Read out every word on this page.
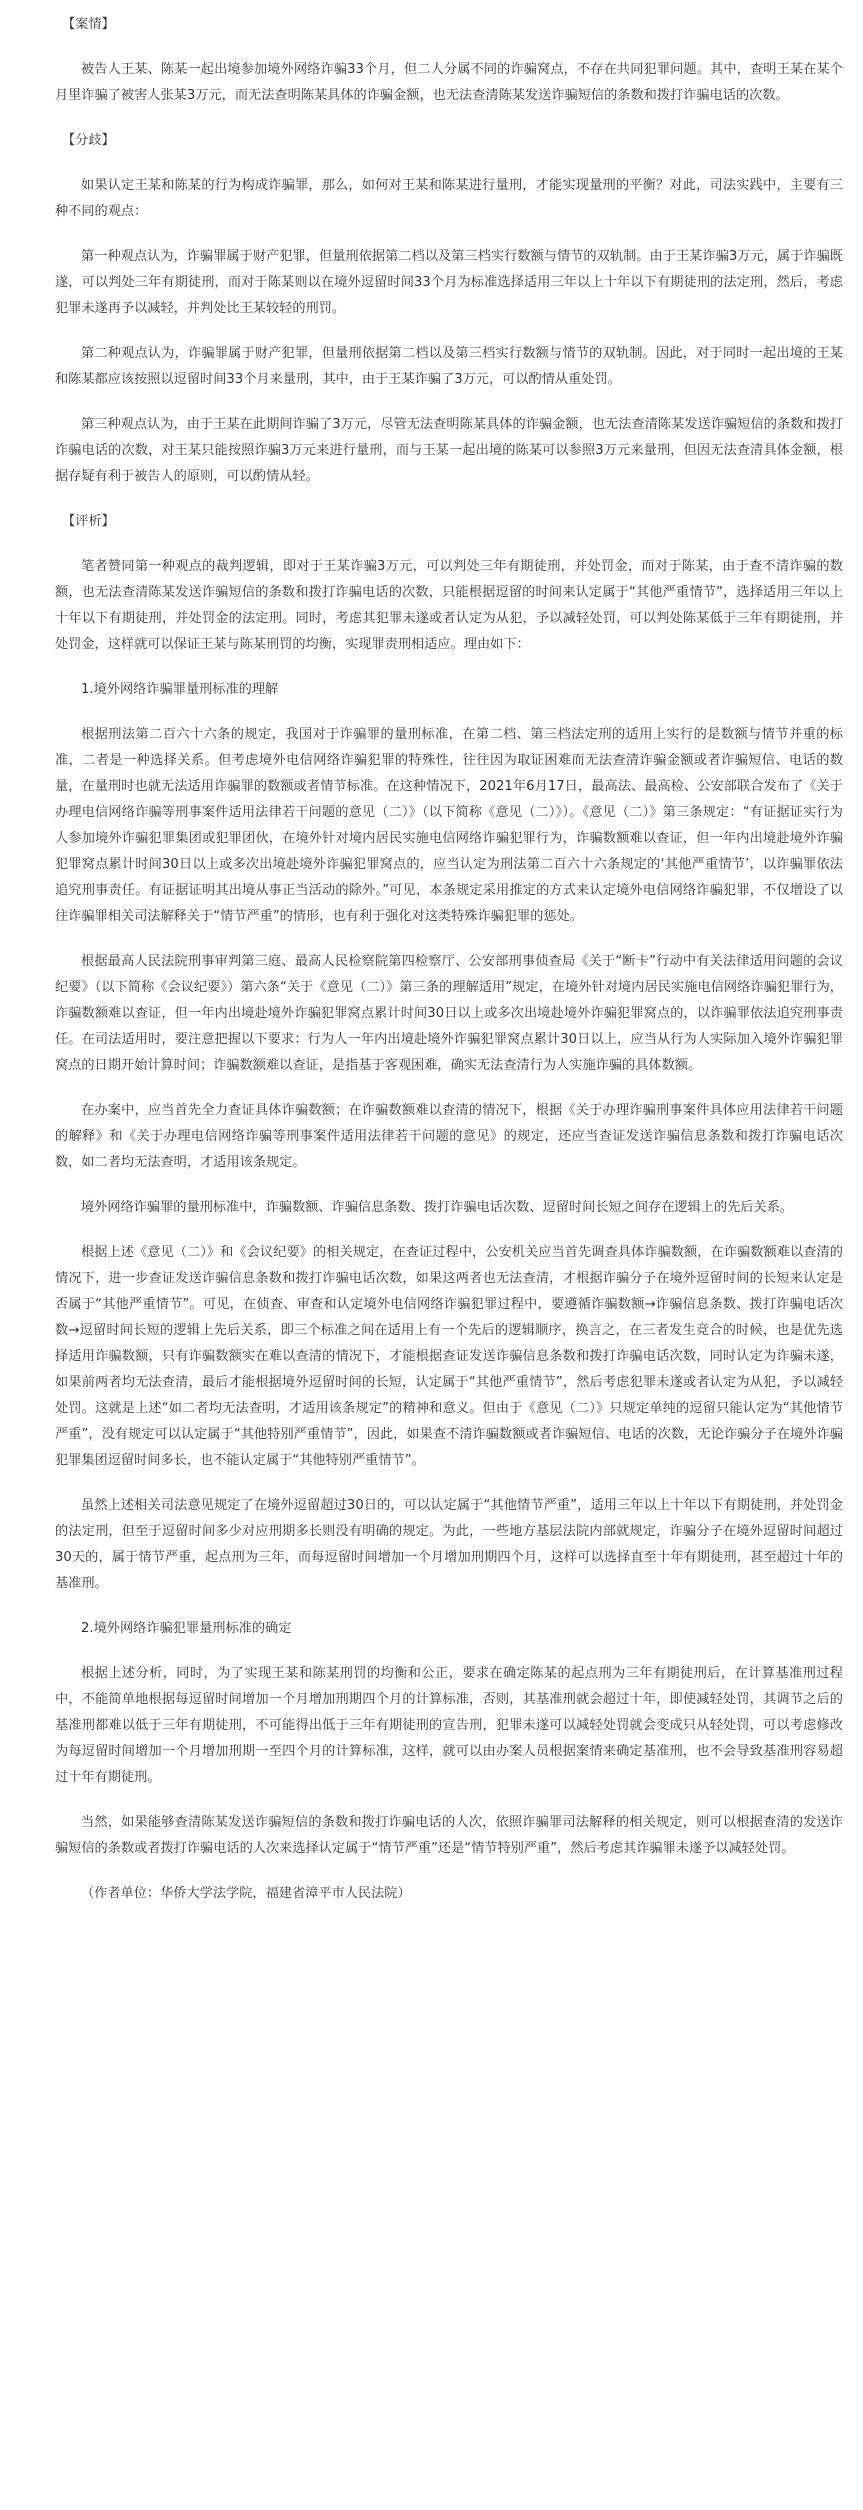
【案情】

被告人王某、陈某一起出境参加境外网络诈骗33个月，但二人分属不同的诈骗窝点，不存在共同犯罪问题。其中，查明王某在某个月里诈骗了被害人张某3万元，而无法查明陈某具体的诈骗金额，也无法查清陈某发送诈骗短信的条数和拨打诈骗电话的次数。

【分歧】

如果认定王某和陈某的行为构成诈骗罪，那么，如何对王某和陈某进行量刑，才能实现量刑的平衡？对此，司法实践中，主要有三种不同的观点：

第一种观点认为，诈骗罪属于财产犯罪，但量刑依据第二档以及第三档实行数额与情节的双轨制。由于王某诈骗3万元，属于诈骗既遂，可以判处三年有期徒刑，而对于陈某则以在境外逗留时间33个月为标准选择适用三年以上十年以下有期徒刑的法定刑，然后，考虑犯罪未遂再予以减轻，并判处比王某较轻的刑罚。

第二种观点认为，诈骗罪属于财产犯罪，但量刑依据第二档以及第三档实行数额与情节的双轨制。因此，对于同时一起出境的王某和陈某都应该按照以逗留时间33个月来量刑，其中，由于王某诈骗了3万元，可以酌情从重处罚。

第三种观点认为，由于王某在此期间诈骗了3万元，尽管无法查明陈某具体的诈骗金额，也无法查清陈某发送诈骗短信的条数和拨打诈骗电话的次数，对王某只能按照诈骗3万元来进行量刑，而与王某一起出境的陈某可以参照3万元来量刑，但因无法查清具体金额，根据存疑有利于被告人的原则，可以酌情从轻。

【评析】

笔者赞同第一种观点的裁判逻辑，即对于王某诈骗3万元，可以判处三年有期徒刑，并处罚金，而对于陈某，由于查不清诈骗的数额，也无法查清陈某发送诈骗短信的条数和拨打诈骗电话的次数，只能根据逗留的时间来认定属于“其他严重情节”，选择适用三年以上十年以下有期徒刑，并处罚金的法定刑。同时，考虑其犯罪未遂或者认定为从犯，予以减轻处罚，可以判处陈某低于三年有期徒刑，并处罚金，这样就可以保证王某与陈某刑罚的均衡，实现罪责刑相适应。理由如下：

1.境外网络诈骗罪量刑标准的理解

根据刑法第二百六十六条的规定，我国对于诈骗罪的量刑标准，在第二档、第三档法定刑的适用上实行的是数额与情节并重的标准，二者是一种选择关系。但考虑境外电信网络诈骗犯罪的特殊性，往往因为取证困难而无法查清诈骗金额或者诈骗短信、电话的数量，在量刑时也就无法适用诈骗罪的数额或者情节标准。在这种情况下，2021年6月17日，最高法、最高检、公安部联合发布了《关于办理电信网络诈骗等刑事案件适用法律若干问题的意见（二）》（以下简称《意见（二）》）。《意见（二）》第三条规定：“有证据证实行为人参加境外诈骗犯罪集团或犯罪团伙，在境外针对境内居民实施电信网络诈骗犯罪行为，诈骗数额难以查证，但一年内出境赴境外诈骗犯罪窝点累计时间30日以上或多次出境赴境外诈骗犯罪窝点的，应当认定为刑法第二百六十六条规定的‘其他严重情节’，以诈骗罪依法追究刑事责任。有证据证明其出境从事正当活动的除外。”可见，本条规定采用推定的方式来认定境外电信网络诈骗犯罪，不仅增设了以往诈骗罪相关司法解释关于“情节严重”的情形，也有利于强化对这类特殊诈骗犯罪的惩处。

根据最高人民法院刑事审判第三庭、最高人民检察院第四检察厅、公安部刑事侦查局《关于“断卡”行动中有关法律适用问题的会议纪要》（以下简称《会议纪要》）第六条“关于《意见（二）》第三条的理解适用”规定，在境外针对境内居民实施电信网络诈骗犯罪行为，诈骗数额难以查证，但一年内出境赴境外诈骗犯罪窝点累计时间30日以上或多次出境赴境外诈骗犯罪窝点的，以诈骗罪依法追究刑事责任。在司法适用时，要注意把握以下要求：行为人一年内出境赴境外诈骗犯罪窝点累计30日以上，应当从行为人实际加入境外诈骗犯罪窝点的日期开始计算时间；诈骗数额难以查证，是指基于客观困难，确实无法查清行为人实施诈骗的具体数额。

在办案中，应当首先全力查证具体诈骗数额；在诈骗数额难以查清的情况下，根据《关于办理诈骗刑事案件具体应用法律若干问题的解释》和《关于办理电信网络诈骗等刑事案件适用法律若干问题的意见》的规定，还应当查证发送诈骗信息条数和拨打诈骗电话次数，如二者均无法查明，才适用该条规定。

境外网络诈骗罪的量刑标准中，诈骗数额、诈骗信息条数、拨打诈骗电话次数、逗留时间长短之间存在逻辑上的先后关系。

根据上述《意见（二）》和《会议纪要》的相关规定，在查证过程中，公安机关应当首先调查具体诈骗数额，在诈骗数额难以查清的情况下，进一步查证发送诈骗信息条数和拨打诈骗电话次数，如果这两者也无法查清，才根据诈骗分子在境外逗留时间的长短来认定是否属于“其他严重情节”。可见，在侦查、审查和认定境外电信网络诈骗犯罪过程中，要遵循诈骗数额→诈骗信息条数、拨打诈骗电话次数→逗留时间长短的逻辑上先后关系，即三个标准之间在适用上有一个先后的逻辑顺序，换言之，在三者发生竞合的时候，也是优先选择适用诈骗数额，只有诈骗数额实在难以查清的情况下，才能根据查证发送诈骗信息条数和拨打诈骗电话次数，同时认定为诈骗未遂，如果前两者均无法查清，最后才能根据境外逗留时间的长短，认定属于“其他严重情节”，然后考虑犯罪未遂或者认定为从犯，予以减轻处罚。这就是上述“如二者均无法查明，才适用该条规定”的精神和意义。但由于《意见（二）》只规定单纯的逗留只能认定为“其他情节严重”，没有规定可以认定属于“其他特别严重情节”，因此，如果查不清诈骗数额或者诈骗短信、电话的次数，无论诈骗分子在境外诈骗犯罪集团逗留时间多长，也不能认定属于“其他特别严重情节”。

虽然上述相关司法意见规定了在境外逗留超过30日的，可以认定属于“其他情节严重”，适用三年以上十年以下有期徒刑，并处罚金的法定刑，但至于逗留时间多少对应刑期多长则没有明确的规定。为此，一些地方基层法院内部就规定，诈骗分子在境外逗留时间超过30天的，属于情节严重，起点刑为三年，而每逗留时间增加一个月增加刑期四个月，这样可以选择直至十年有期徒刑，甚至超过十年的基准刑。

2.境外网络诈骗犯罪量刑标准的确定

根据上述分析，同时，为了实现王某和陈某刑罚的均衡和公正，要求在确定陈某的起点刑为三年有期徒刑后，在计算基准刑过程中，不能简单地根据每逗留时间增加一个月增加刑期四个月的计算标准，否则，其基准刑就会超过十年，即使减轻处罚，其调节之后的基准刑都难以低于三年有期徒刑，不可能得出低于三年有期徒刑的宣告刑，犯罪未遂可以减轻处罚就会变成只从轻处罚，可以考虑修改为每逗留时间增加一个月增加刑期一至四个月的计算标准，这样，就可以由办案人员根据案情来确定基准刑，也不会导致基准刑容易超过十年有期徒刑。

当然，如果能够查清陈某发送诈骗短信的条数和拨打诈骗电话的人次，依照诈骗罪司法解释的相关规定，则可以根据查清的发送诈骗短信的条数或者拨打诈骗电话的人次来选择认定属于“情节严重”还是“情节特别严重”，然后考虑其诈骗罪未遂予以减轻处罚。

（作者单位：华侨大学法学院，福建省漳平市人民法院）
